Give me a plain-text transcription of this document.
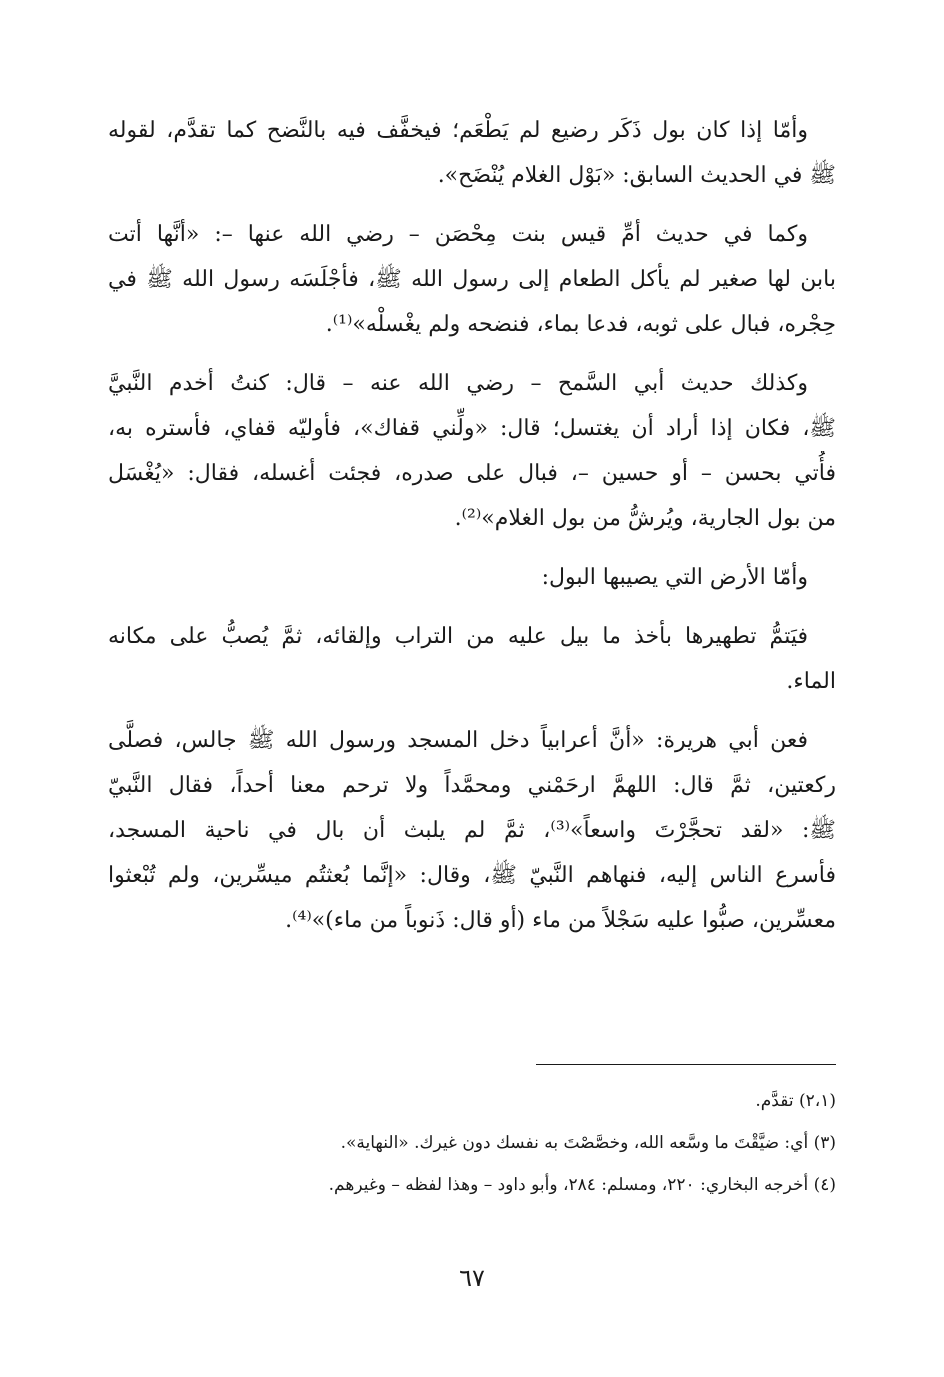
وأمّا إذا كان بول ذَكَر رضيع لم يَطْعَم؛ فيخفَّف فيه بالنَّضح كما تقدَّم، لقوله
ﷺ في الحديث السابق: «بَوْل الغلام يُنْضَح».
وكما في حديث أمِّ قيس بنت مِحْصَن – رضي الله عنها –: «أنَّها أتت
بابن لها صغير لم يأكل الطعام إلى رسول الله ﷺ، فأجْلَسَه رسول الله ﷺ في
حِجْره، فبال على ثوبه، فدعا بماء، فنضحه ولم يغْسلْه»⁽¹⁾.
وكذلك حديث أبي السَّمح – رضي الله عنه – قال: كنتُ أخدم النَّبيَّ
ﷺ، فكان إذا أراد أن يغتسل؛ قال: «ولِّني قفاك»، فأوليّه قفاي، فأستره به،
فأُتي بحسن – أو حسين –، فبال على صدره، فجئت أغسله، فقال: «يُغْسَل
من بول الجارية، ويُرشُّ من بول الغلام»⁽²⁾.
وأمّا الأرض التي يصيبها البول:
فيَتمُّ تطهيرها بأخذ ما بيل عليه من التراب وإلقائه، ثمَّ يُصبُّ على مكانه
الماء.
فعن أبي هريرة: «أنَّ أعرابياً دخل المسجد ورسول الله ﷺ جالس، فصلَّى
ركعتين، ثمَّ قال: اللهمَّ ارحَمْني ومحمَّداً ولا ترحم معنا أحداً، فقال النَّبيّ
ﷺ: «لقد تحجَّرْتَ واسعاً»⁽³⁾، ثمَّ لم يلبث أن بال في ناحية المسجد،
فأسرع الناس إليه، فنهاهم النَّبيّ ﷺ، وقال: «إنَّما بُعثتُم ميسِّرين، ولم تُبْعثوا
معسِّرين، صبُّوا عليه سَجْلاً من ماء (أو قال: ذَنوباً من ماء)»⁽⁴⁾.
(٢،١) تقدَّم.
(٣) أي: ضيَّقْتَ ما وسَّعه الله، وخصَّصْتَ به نفسك دون غيرك. «النهاية».
(٤) أخرجه البخاري: ٢٢٠، ومسلم: ٢٨٤، وأبو داود – وهذا لفظه – وغيرهم.
٦٧
